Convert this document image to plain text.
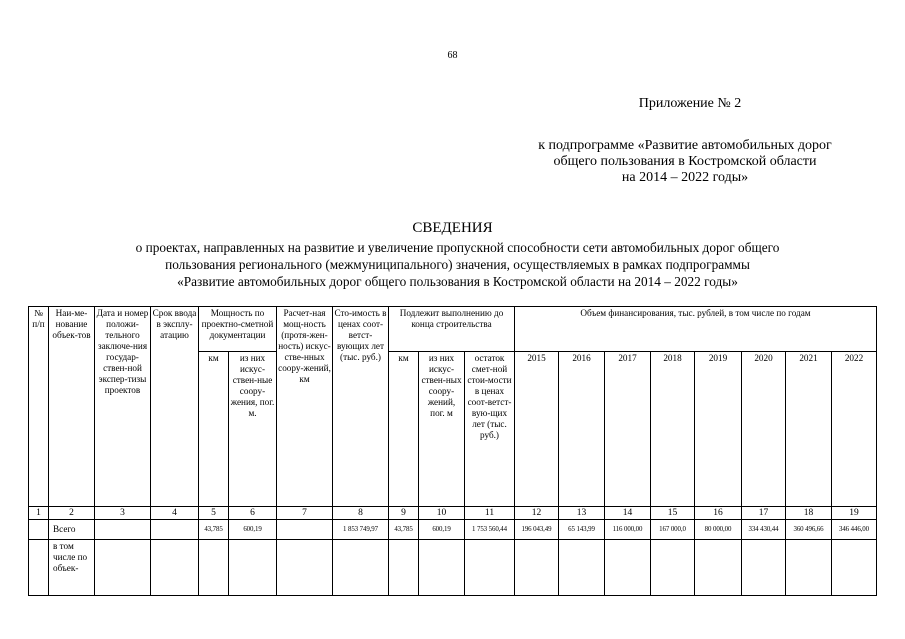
68
Приложение № 2
к подпрограмме «Развитие автомобильных дорог
общего пользования в Костромской области
на 2014 – 2022 годы»
СВЕДЕНИЯ
о проектах, направленных на развитие и увеличение пропускной способности сети автомобильных дорог общего
пользования регионального (межмуниципального) значения, осуществляемых в рамках подпрограммы
«Развитие автомобильных дорог общего пользования в Костромской области на 2014 – 2022 годы»
№ п/п	Наи-ме-нование объек-тов	Дата и номер положи-тельного заключе-ния государ-ствен-ной экспер-тизы проектов	Срок ввода в эксплу-атацию	Мощность по проектно-сметной документации		Расчет-ная мощ-ность (протя-жен-ность) искус-стве-нных соору-жений, км	Сто-имость в ценах соот-ветст-вующих лет (тыс. руб.)	Подлежит выполнению до конца строительства			Объем финансирования, тыс. рублей, в том числе по годам							
				км	из них искус-ствен-ные соору-жения, пог. м.			км	из них искус-ствен-ных соору-жений, пог. м	остаток смет-ной стои-мости в ценах соот-ветст-вую-щих лет (тыс. руб.)	2015	2016	2017	2018	2019	2020	2021	2022
1	2	3	4	5	6	7	8	9	10	11	12	13	14	15	16	17	18	19
	Всего			43,785	600,19		1 853 749,97	43,785	600,19	1 753 560,44	196 043,49	65 143,99	116 000,00	167 000,0	80 000,00	334 430,44	360 496,66	346 446,00
	в том числе по объек-																	
